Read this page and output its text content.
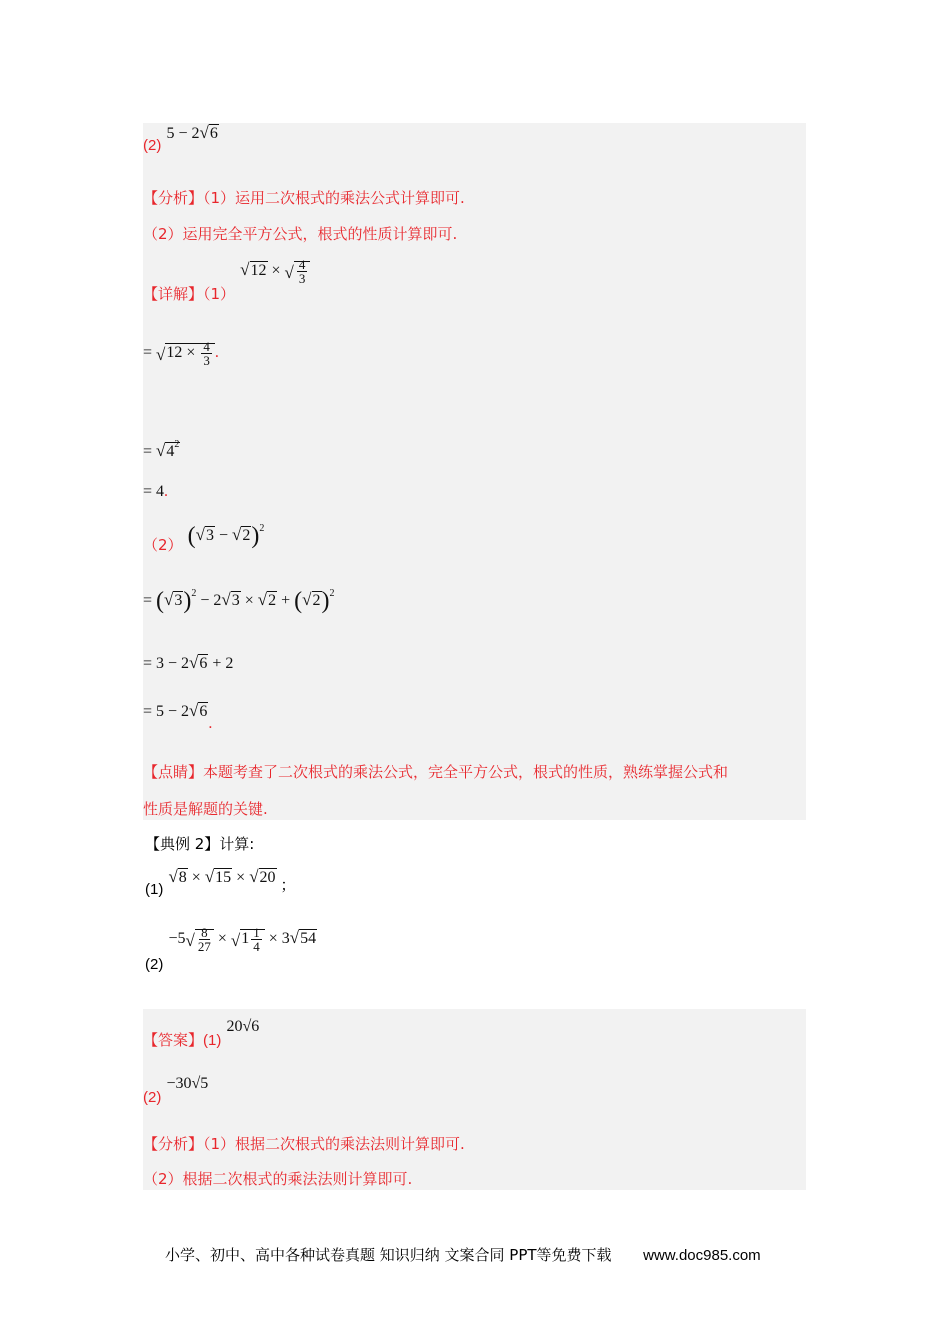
(2) 5 − 2√6
【分析】（1）运用二次根式的乘法公式计算即可.
（2）运用完全平方公式，根式的性质计算即可.
【详解】（1） √12 × √ $\frac{4}{3}$
= $√12 \times \frac{4}{3}$ .
= $√4^2$
= 4.
（2） $(√3 - √2)^2$
= $(√3)^2 - 2√3 \times √2 + (√2)^2$
= 3 − 2√6 + 2
= 5 − 2√6.
【点睛】本题考查了二次根式的乘法公式，完全平方公式，根式的性质，熟练掌握公式和
性质是解题的关键.
【典例 2】计算:
(1) √8 × √15 × √20 ；
$(2) -5√ \frac{8}{27} \times √1 \frac{1}{4} \times 3√54$
【答案】(1) 20√6
(2) −30√5
【分析】（1）根据二次根式的乘法法则计算即可.
（2）根据二次根式的乘法法则计算即可.
小学、初中、高中各种试卷真题 知识归纳 文案合同 PPT等免费下载 www.doc985.com
